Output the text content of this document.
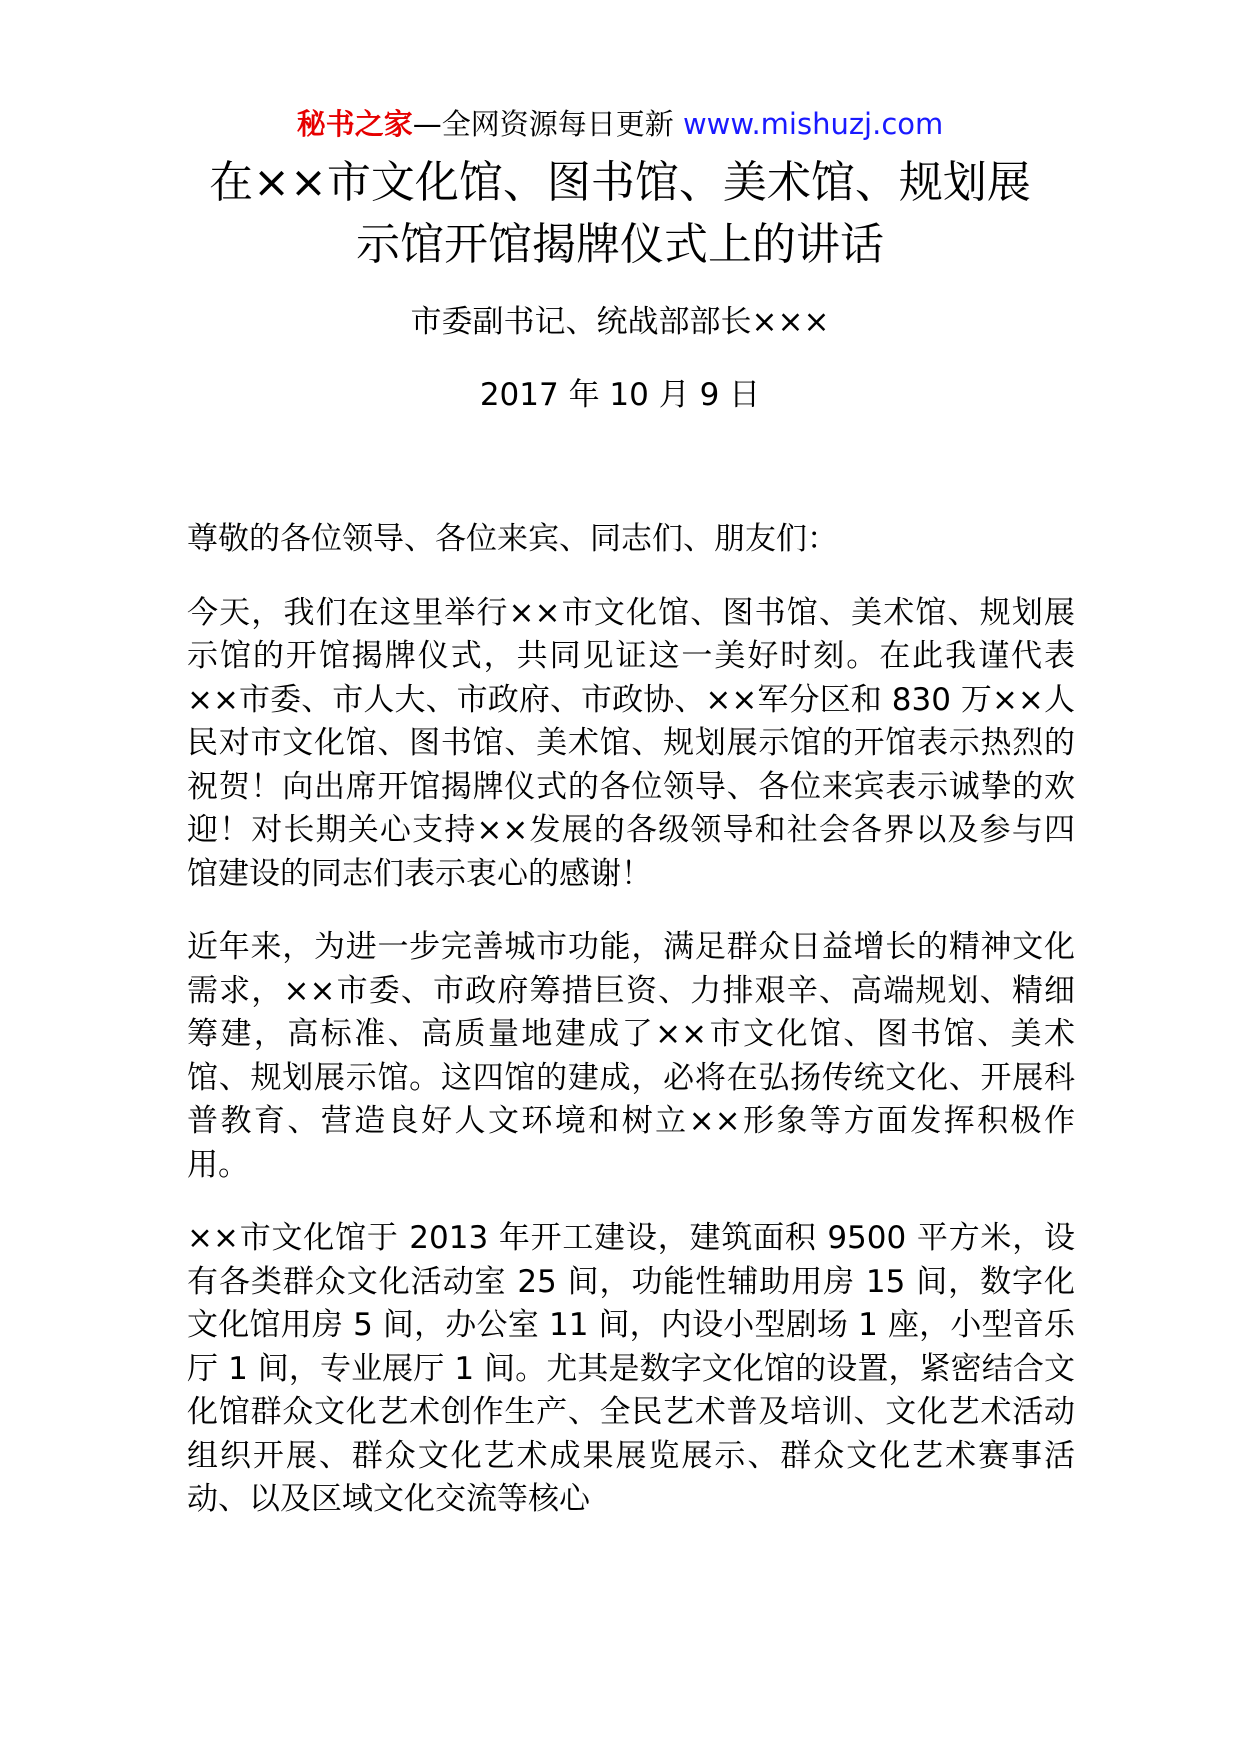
秘书之家—全网资源每日更新 www.mishuzj.com
在××市文化馆、图书馆、美术馆、规划展
示馆开馆揭牌仪式上的讲话
市委副书记、统战部部长×××
2017 年 10 月 9 日

尊敬的各位领导、各位来宾、同志们、朋友们：

今天，我们在这里举行××市文化馆、图书馆、美术馆、规划展示馆的开馆揭牌仪式，共同见证这一美好时刻。在此我谨代表××市委、市人大、市政府、市政协、××军分区和 830 万××人民对市文化馆、图书馆、美术馆、规划展示馆的开馆表示热烈的祝贺！向出席开馆揭牌仪式的各位领导、各位来宾表示诚挚的欢迎！对长期关心支持××发展的各级领导和社会各界以及参与四馆建设的同志们表示衷心的感谢！

近年来，为进一步完善城市功能，满足群众日益增长的精神文化需求，××市委、市政府筹措巨资、力排艰辛、高端规划、精细筹建，高标准、高质量地建成了××市文化馆、图书馆、美术馆、规划展示馆。这四馆的建成，必将在弘扬传统文化、开展科普教育、营造良好人文环境和树立××形象等方面发挥积极作用。

××市文化馆于 2013 年开工建设，建筑面积 9500 平方米，设有各类群众文化活动室 25 间，功能性辅助用房 15 间，数字化文化馆用房 5 间，办公室 11 间，内设小型剧场 1 座，小型音乐厅 1 间，专业展厅 1 间。尤其是数字文化馆的设置，紧密结合文化馆群众文化艺术创作生产、全民艺术普及培训、文化艺术活动组织开展、群众文化艺术成果展览展示、群众文化艺术赛事活动、以及区域文化交流等核心
